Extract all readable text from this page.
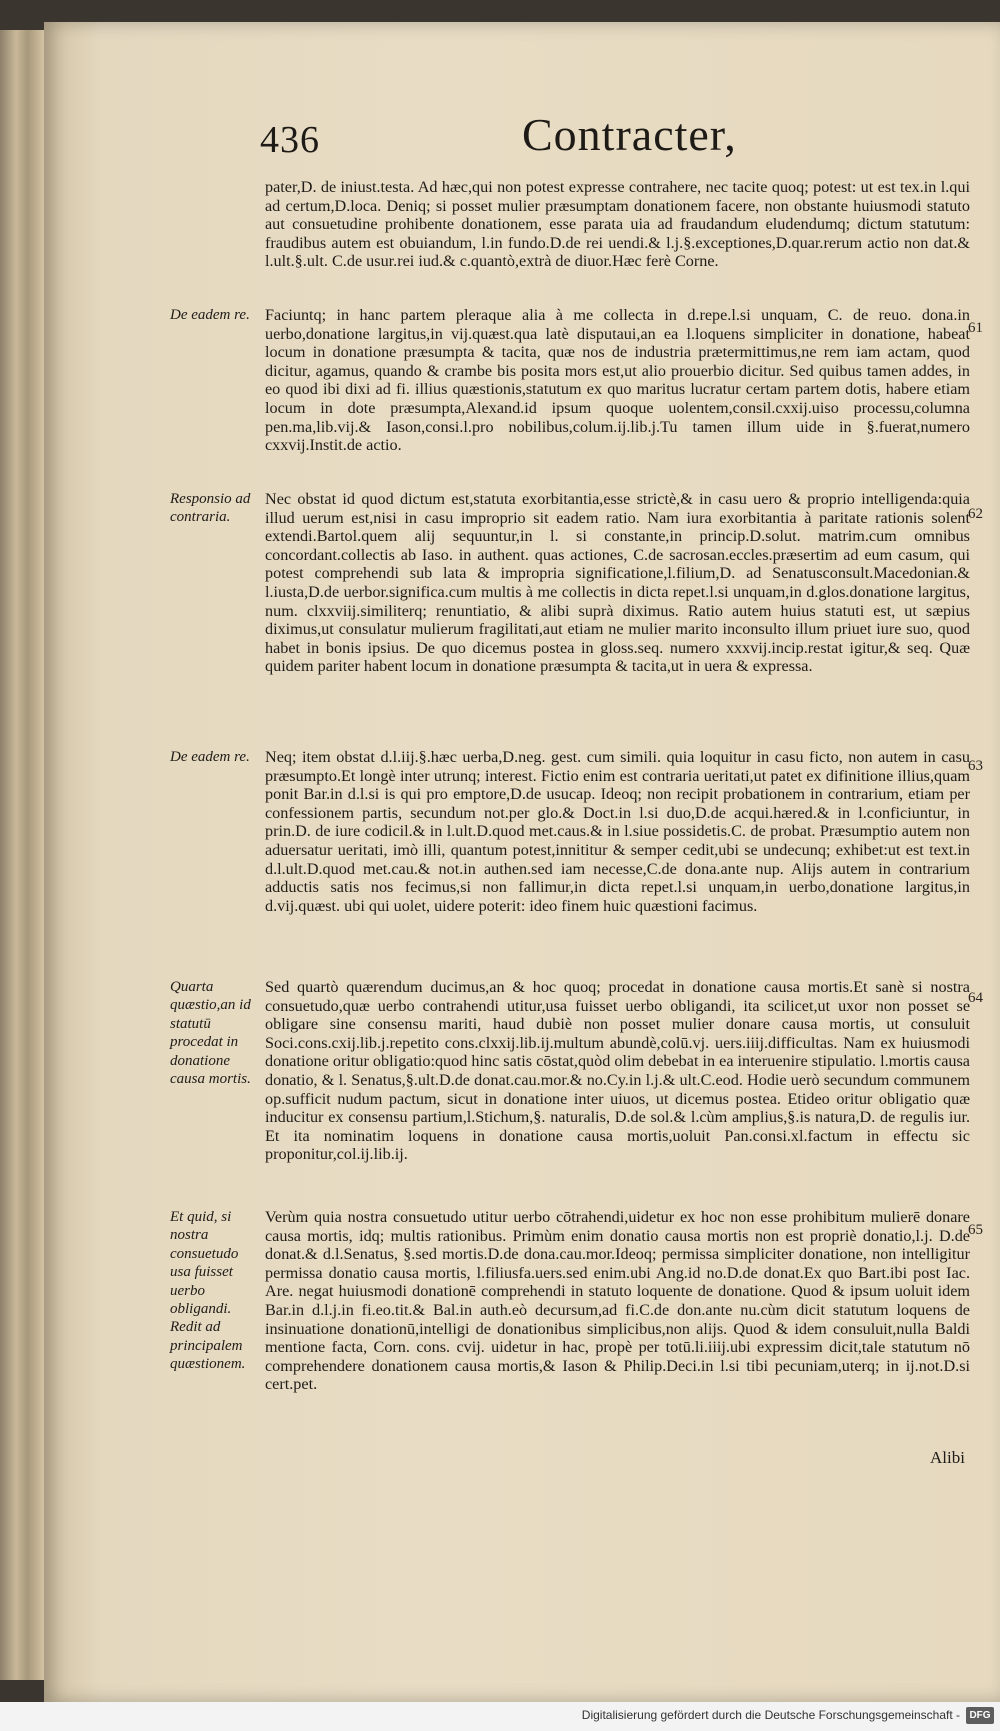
436	Contracter,

pater,D. de iniust.testa. Ad hæc,qui non potest expresse contrahere, nec tacite quoq; potest: ut est tex.in l.qui ad certum,D.loca. Deniq; si posset mulier præsumptam donationem facere, non obstante huiusmodi statuto aut consuetudine prohibente donationem, esse parata uia ad fraudandum eludendumq; dictum statutum: fraudibus autem est obuiandum, l.in fundo.D.de rei uendi.& l.j.§.exceptiones,D.quar.rerum actio non dat.& l.ult.§.ult. C.de usur.rei iud.& c.quantò,extrà de diuor.Hæc ferè Corne.

De eadem re.
61

Faciuntq; in hanc partem pleraque alia à me collecta in d.repe.l.si unquam, C. de reuo. dona.in uerbo,donatione largitus,in vij.quæst.qua latè disputaui,an ea l.loquens simpliciter in donatione, habeat locum in donatione præsumpta & tacita, quæ nos de industria prætermittimus,ne rem iam actam, quod dicitur, agamus, quando & crambe bis posita mors est,ut alio prouerbio dicitur. Sed quibus tamen addes, in eo quod ibi dixi ad fi. illius quæstionis,statutum ex quo maritus lucratur certam partem dotis, habere etiam locum in dote præsumpta,Alexand.id ipsum quoque uolentem,consil.cxxij.uiso processu,columna pen.ma,lib.vij.& Iason,consi.l.pro nobilibus,colum.ij.lib.j.Tu tamen illum uide in §.fuerat,numero cxxvij.Instit.de actio.

Responsio ad contraria.	62

Nec obstat id quod dictum est,statuta exorbitantia,esse strictè,& in casu uero & proprio intelligenda:quia illud uerum est,nisi in casu improprio sit eadem ratio. Nam iura exorbitantia à paritate rationis solent extendi.Bartol.quem alij sequuntur,in l. si constante,in princip.D.solut. matrim.cum omnibus concordant.collectis ab Iaso. in authent. quas actiones, C.de sacrosan.eccles.præsertim ad eum casum, qui potest comprehendi sub lata & impropria significatione,l.filium,D. ad Senatusconsult.Macedonian.& l.iusta,D.de uerbor.significa.cum multis à me collectis in dicta repet.l.si unquam,in d.glos.donatione largitus, num. clxxviij.similiterq; renuntiatio, & alibi suprà diximus. Ratio autem huius statuti est, ut sæpius diximus,ut consulatur mulierum fragilitati,aut etiam ne mulier marito inconsulto illum priuet iure suo, quod habet in bonis ipsius. De quo dicemus postea in gloss.seq. numero xxxvij.incip.restat igitur,& seq. Quæ quidem pariter habent locum in donatione præsumpta & tacita,ut in uera & expressa.

De eadem re.
63

Neq; item obstat d.l.iij.§.hæc uerba,D.neg. gest. cum simili. quia loquitur in casu ficto, non autem in casu præsumpto.Et longè inter utrunq; interest. Fictio enim est contraria ueritati,ut patet ex difinitione illius,quam ponit Bar.in d.l.si is qui pro emptore,D.de usucap. Ideoq; non recipit probationem in contrarium, etiam per confessionem partis, secundum not.per glo.& Doct.in l.si duo,D.de acqui.hæred.& in l.conficiuntur, in prin.D. de iure codicil.& in l.ult.D.quod met.caus.& in l.siue possidetis.C. de probat. Præsumptio autem non aduersatur ueritati, imò illi, quantum potest,innititur & semper cedit,ubi se undecunq; exhibet:ut est text.in d.l.ult.D.quod met.cau.& not.in authen.sed iam necesse,C.de dona.ante nup. Alijs autem in contrarium adductis satis nos fecimus,si non fallimur,in dicta repet.l.si unquam,in uerbo,donatione largitus,in d.vij.quæst. ubi qui uolet, uidere poterit: ideo finem huic quæstioni facimus.

Quarta quæstio,an id statutū procedat in donatione causa mortis.
64

Sed quartò quærendum ducimus,an & hoc quoq; procedat in donatione causa mortis.Et sanè si nostra consuetudo,quæ uerbo contrahendi utitur,usa fuisset uerbo obligandi, ita scilicet,ut uxor non posset se obligare sine consensu mariti, haud dubiè non posset mulier donare causa mortis, ut consuluit Soci.cons.cxij.lib.j.repetito cons.clxxij.lib.ij.multum abundè,colū.vj. uers.iiij.difficultas. Nam ex huiusmodi donatione oritur obligatio:quod hinc satis cōstat,quòd olim debebat in ea interuenire stipulatio. l.mortis causa donatio, & l. Senatus,§.ult.D.de donat.cau.mor.& no.Cy.in l.j.& ult.C.eod. Hodie uerò secundum communem op.sufficit nudum pactum, sicut in donatione inter uiuos, ut dicemus postea. Etideo oritur obligatio quæ inducitur ex consensu partium,l.Stichum,§. naturalis, D.de sol.& l.cùm amplius,§.is natura,D. de regulis iur. Et ita nominatim loquens in donatione causa mortis,uoluit Pan.consi.xl.factum in effectu sic proponitur,col.ij.lib.ij.

Et quid, si nostra consuetudo usa fuisset uerbo obligandi. Redit ad principalem quæstionem.
65

Verùm quia nostra consuetudo utitur uerbo cōtrahendi,uidetur ex hoc non esse prohibitum mulierē donare causa mortis, idq; multis rationibus. Primùm enim donatio causa mortis non est propriè donatio,l.j. D.de donat.& d.l.Senatus, §.sed mortis.D.de dona.cau.mor.Ideoq; permissa simpliciter donatione, non intelligitur permissa donatio causa mortis, l.filiusfa.uers.sed enim.ubi Ang.id no.D.de donat.Ex quo Bart.ibi post Iac. Are. negat huiusmodi donationē comprehendi in statuto loquente de donatione. Quod & ipsum uoluit idem Bar.in d.l.j.in fi.eo.tit.& Bal.in auth.eò decursum,ad fi.C.de don.ante nu.cùm dicit statutum loquens de insinuatione donationū,intelligi de donationibus simplicibus,non alijs. Quod & idem consuluit,nulla Baldi mentione facta, Corn. cons. cvij. uidetur in hac, propè per totū.li.iiij.ubi expressim dicit,tale statutum nō comprehendere donationem causa mortis,& Iason & Philip.Deci.in l.si tibi pecuniam,uterq; in ij.not.D.si cert.pet.

Alibi
Digitalisierung gefördert durch die Deutsche Forschungsgemeinschaft - DFG
